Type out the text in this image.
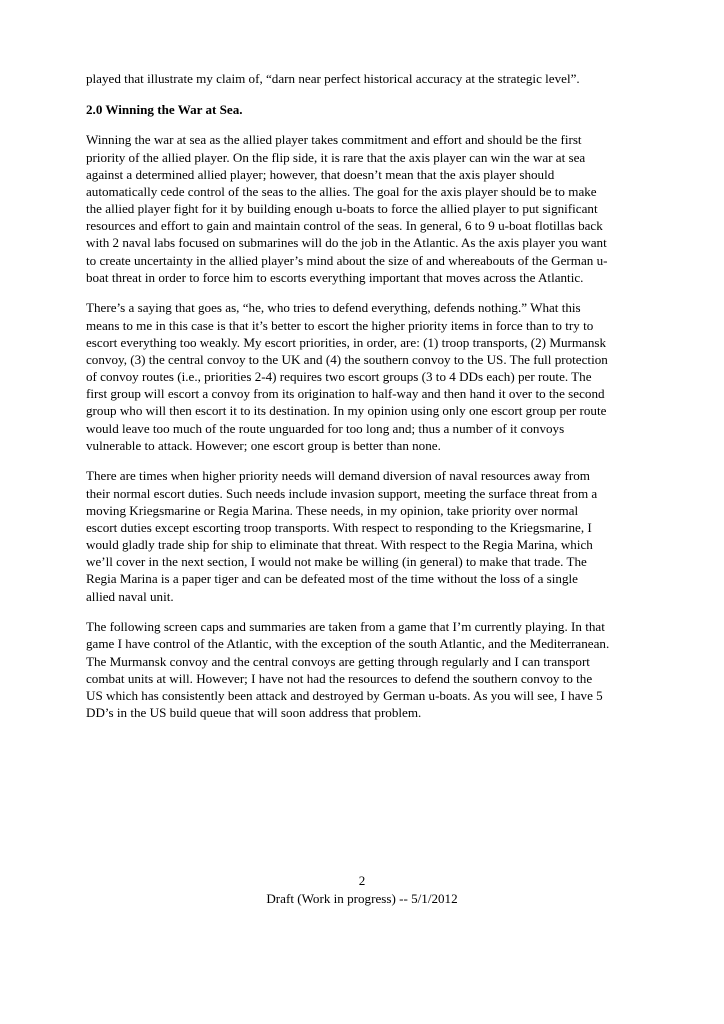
played that illustrate my claim of, “darn near perfect historical accuracy at the strategic level”.

2.0 Winning the War at Sea.

Winning the war at sea as the allied player takes commitment and effort and should be the first priority of the allied player. On the flip side, it is rare that the axis player can win the war at sea against a determined allied player; however, that doesn’t mean that the axis player should automatically cede control of the seas to the allies. The goal for the axis player should be to make the allied player fight for it by building enough u-boats to force the allied player to put significant resources and effort to gain and maintain control of the seas. In general, 6 to 9 u-boat flotillas back with 2 naval labs focused on submarines will do the job in the Atlantic. As the axis player you want to create uncertainty in the allied player’s mind about the size of and whereabouts of the German u-boat threat in order to force him to escorts everything important that moves across the Atlantic.

There’s a saying that goes as, “he, who tries to defend everything, defends nothing.” What this means to me in this case is that it’s better to escort the higher priority items in force than to try to escort everything too weakly. My escort priorities, in order, are: (1) troop transports, (2) Murmansk convoy, (3) the central convoy to the UK and (4) the southern convoy to the US. The full protection of convoy routes (i.e., priorities 2-4) requires two escort groups (3 to 4 DDs each) per route. The first group will escort a convoy from its origination to half-way and then hand it over to the second group who will then escort it to its destination. In my opinion using only one escort group per route would leave too much of the route unguarded for too long and; thus a number of it convoys vulnerable to attack. However; one escort group is better than none.

There are times when higher priority needs will demand diversion of naval resources away from their normal escort duties. Such needs include invasion support, meeting the surface threat from a moving Kriegsmarine or Regia Marina. These needs, in my opinion, take priority over normal escort duties except escorting troop transports. With respect to responding to the Kriegsmarine, I would gladly trade ship for ship to eliminate that threat. With respect to the Regia Marina, which we’ll cover in the next section, I would not make be willing (in general) to make that trade. The Regia Marina is a paper tiger and can be defeated most of the time without the loss of a single allied naval unit.

The following screen caps and summaries are taken from a game that I’m currently playing. In that game I have control of the Atlantic, with the exception of the south Atlantic, and the Mediterranean. The Murmansk convoy and the central convoys are getting through regularly and I can transport combat units at will. However; I have not had the resources to defend the southern convoy to the US which has consistently been attack and destroyed by German u-boats. As you will see, I have 5 DD’s in the US build queue that will soon address that problem.

2
Draft (Work in progress) -- 5/1/2012
